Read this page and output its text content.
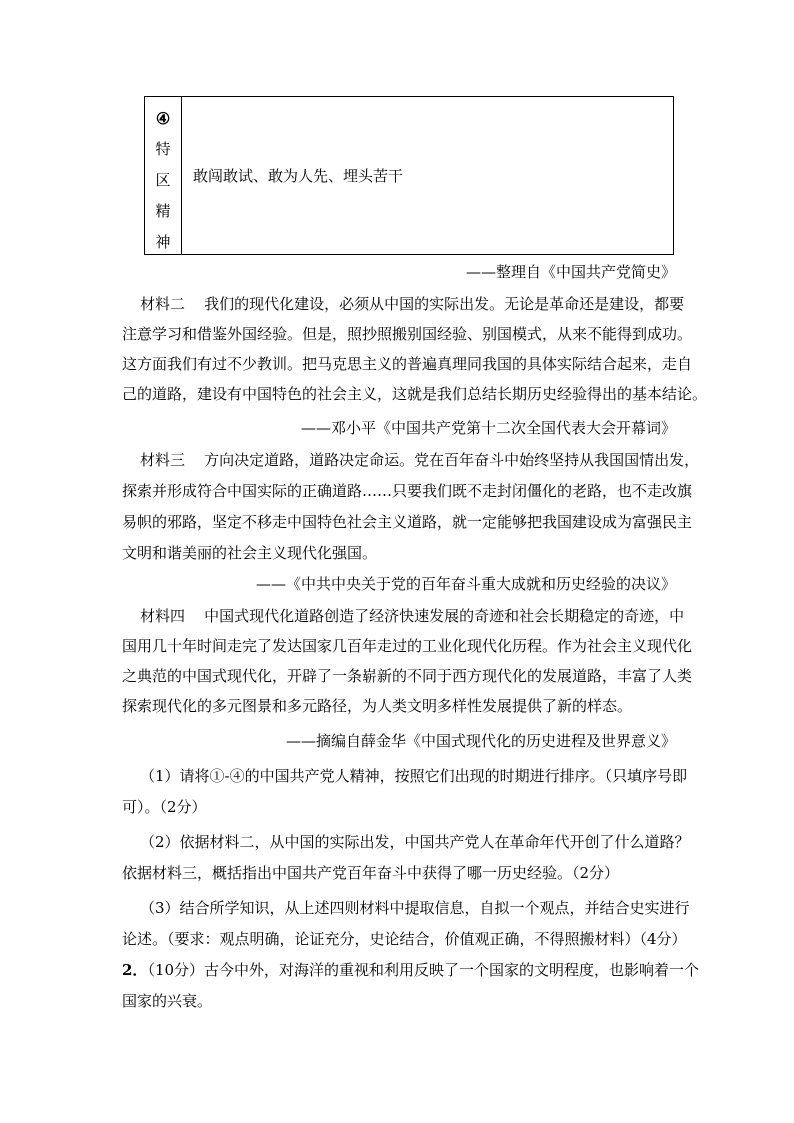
④
特
区
精
神
敢闯敢试、敢为人先、埋头苦干
——整理自《中国共产党简史》
材料二    我们的现代化建设，必须从中国的实际出发。无论是革命还是建设，都要
注意学习和借鉴外国经验。但是，照抄照搬别国经验、别国模式，从来不能得到成功。
这方面我们有过不少教训。把马克思主义的普遍真理同我国的具体实际结合起来，走自
己的道路，建设有中国特色的社会主义，这就是我们总结长期历史经验得出的基本结论。
——邓小平《中国共产党第十二次全国代表大会开幕词》
材料三    方向决定道路，道路决定命运。党在百年奋斗中始终坚持从我国国情出发，
探索并形成符合中国实际的正确道路……只要我们既不走封闭僵化的老路，也不走改旗
易帜的邪路，坚定不移走中国特色社会主义道路，就一定能够把我国建设成为富强民主
文明和谐美丽的社会主义现代化强国。
——《中共中央关于党的百年奋斗重大成就和历史经验的决议》
材料四    中国式现代化道路创造了经济快速发展的奇迹和社会长期稳定的奇迹，中
国用几十年时间走完了发达国家几百年走过的工业化现代化历程。作为社会主义现代化
之典范的中国式现代化，开辟了一条崭新的不同于西方现代化的发展道路，丰富了人类
探索现代化的多元图景和多元路径，为人类文明多样性发展提供了新的样态。
——摘编自薛金华《中国式现代化的历史进程及世界意义》
（1）请将①-④的中国共产党人精神，按照它们出现的时期进行排序。（只填序号即
可）。（2分）
（2）依据材料二，从中国的实际出发，中国共产党人在革命年代开创了什么道路？
依据材料三，概括指出中国共产党百年奋斗中获得了哪一历史经验。（2分）
（3）结合所学知识，从上述四则材料中提取信息，自拟一个观点，并结合史实进行
论述。（要求：观点明确，论证充分，史论结合，价值观正确，不得照搬材料）（4分）
2．（10分）古今中外，对海洋的重视和利用反映了一个国家的文明程度，也影响着一个
国家的兴衰。
